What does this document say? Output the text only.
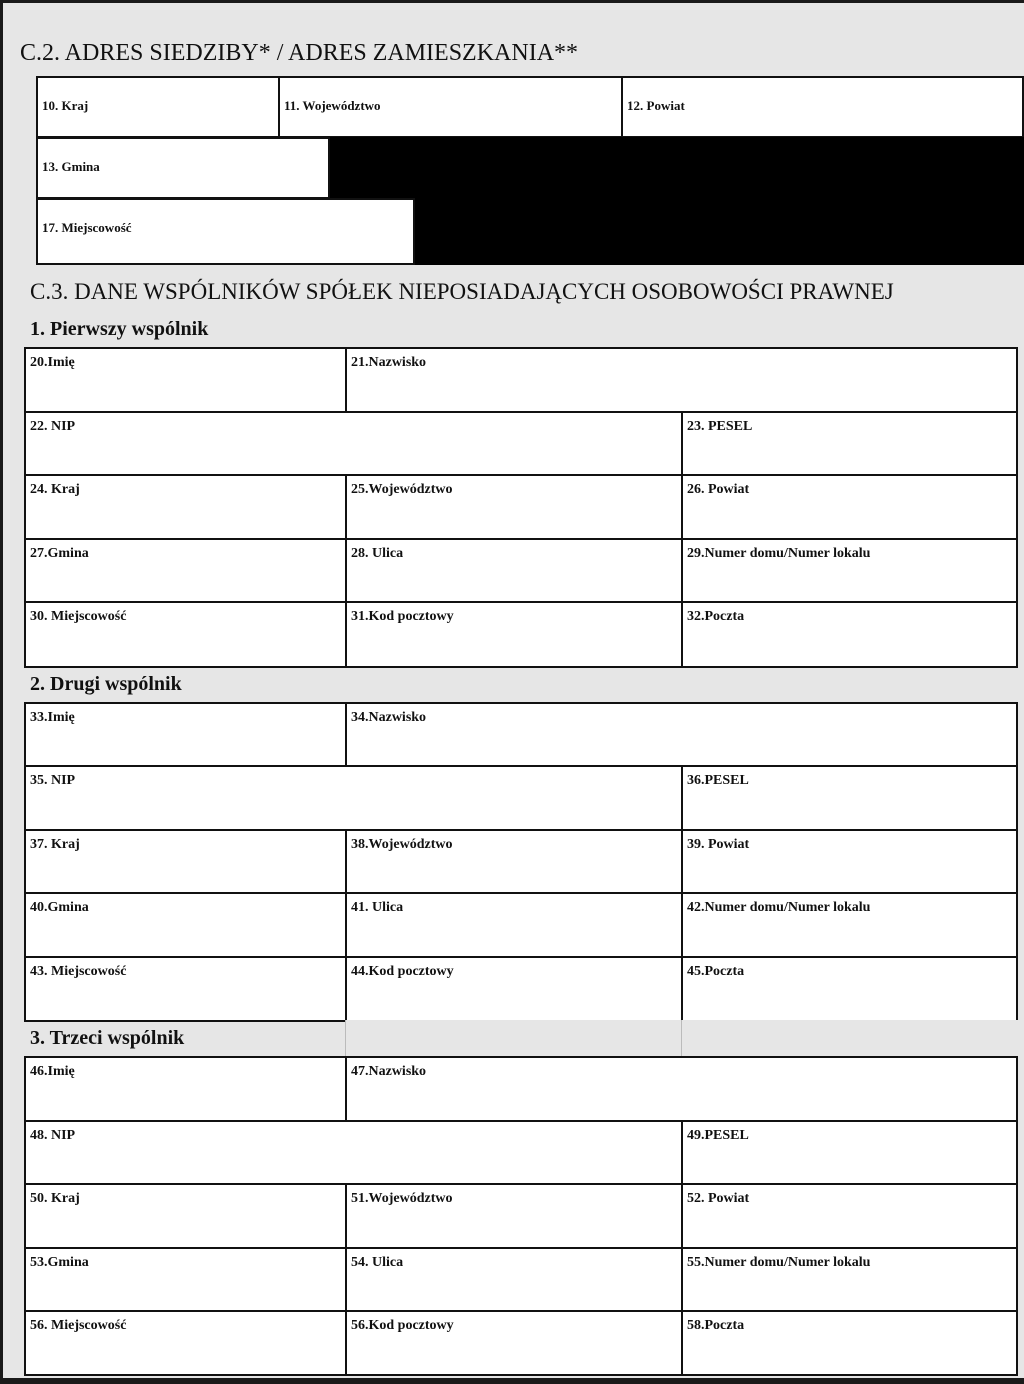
C.2. ADRES SIEDZIBY* / ADRES ZAMIESZKANIA**
10. Kraj	11. Województwo	12. Powiat
13. Gmina
17. Miejscowość
C.3. DANE WSPÓLNIKÓW SPÓŁEK NIEPOSIADAJĄCYCH OSOBOWOŚCI PRAWNEJ
1. Pierwszy wspólnik
20.Imię	21.Nazwisko
22. NIP	23. PESEL
24. Kraj	25.Województwo	26. Powiat
27.Gmina	28. Ulica	29.Numer domu/Numer lokalu
30. Miejscowość	31.Kod pocztowy	32.Poczta
2. Drugi wspólnik
33.Imię	34.Nazwisko
35. NIP	36.PESEL
37. Kraj	38.Województwo	39. Powiat
40.Gmina	41. Ulica	42.Numer domu/Numer lokalu
43. Miejscowość	44.Kod pocztowy	45.Poczta
3. Trzeci wspólnik
46.Imię	47.Nazwisko
48. NIP	49.PESEL
50. Kraj	51.Województwo	52. Powiat
53.Gmina	54. Ulica	55.Numer domu/Numer lokalu
56. Miejscowość	56.Kod pocztowy	58.Poczta
